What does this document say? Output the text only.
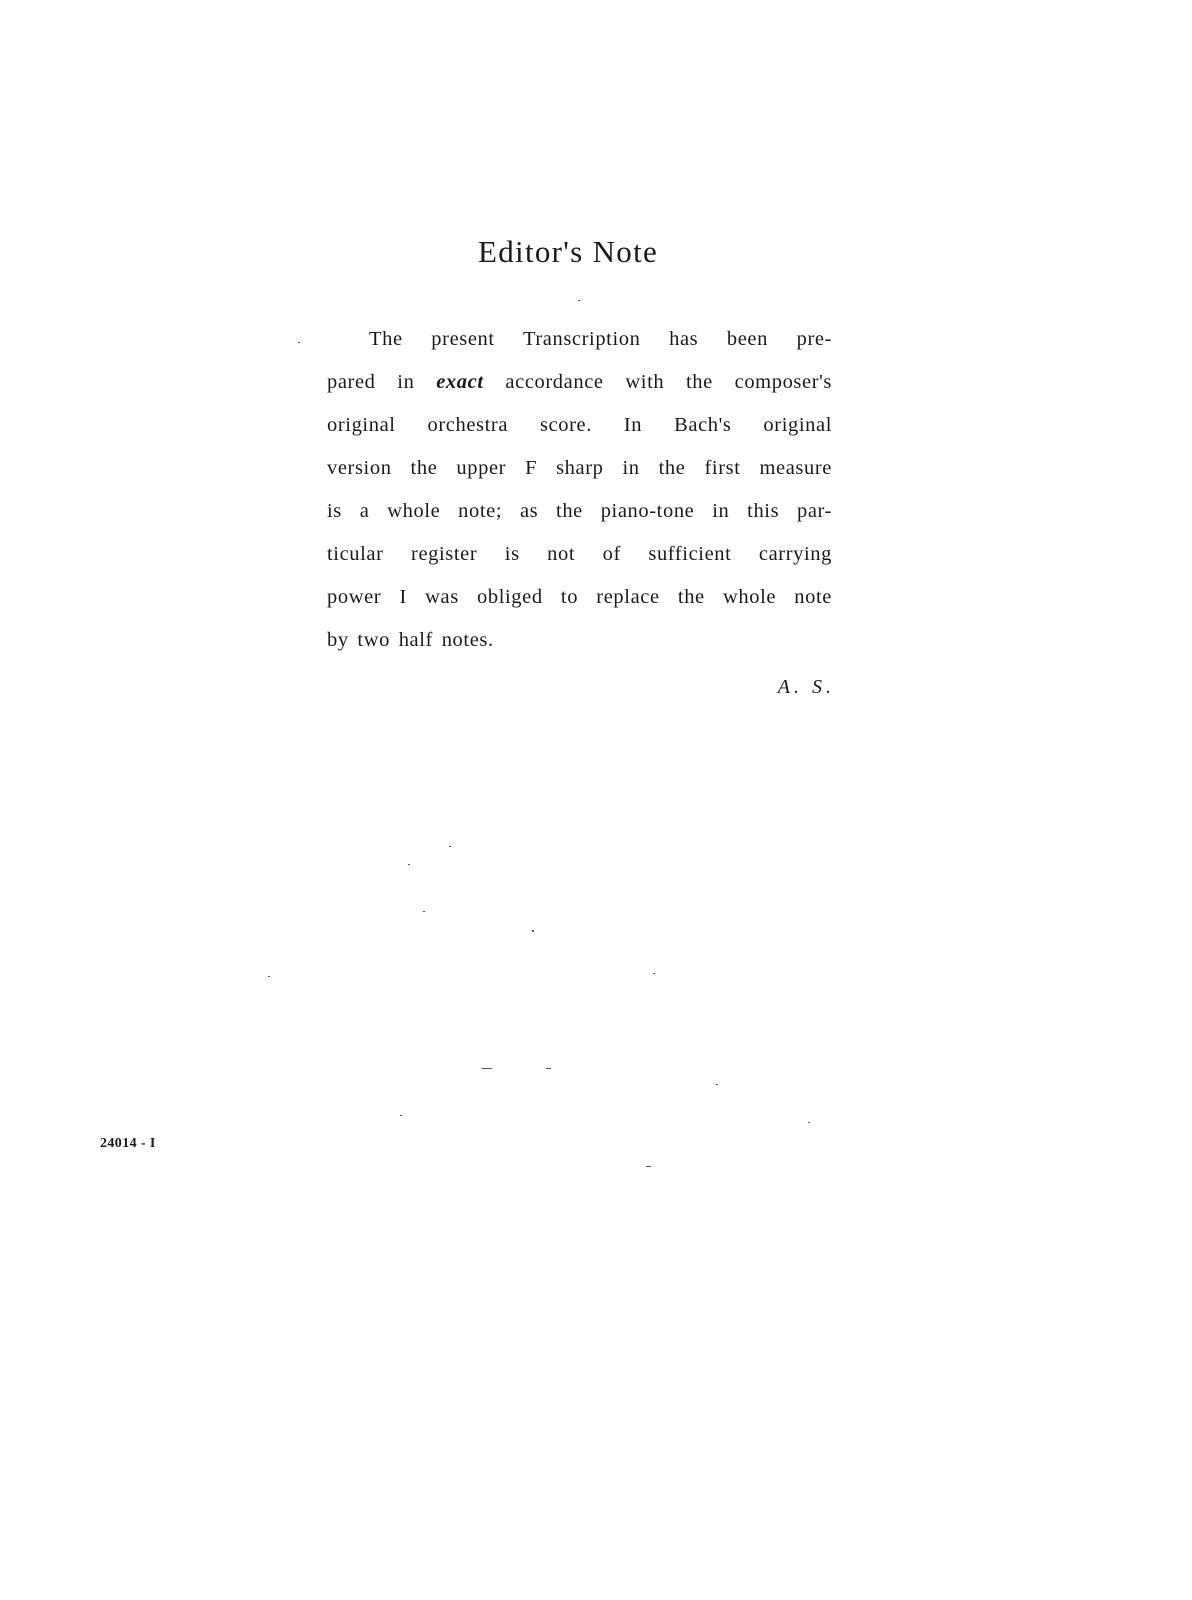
Editor's Note
The present Transcription has been pre-
pared in exact accordance with the composer's
original orchestra score. In Bach's original
version the upper F sharp in the first measure
is a whole note; as the piano-tone in this par-
ticular register is not of sufficient carrying
power I was obliged to replace the whole note
by two half notes.
A. S.
24014 - I
